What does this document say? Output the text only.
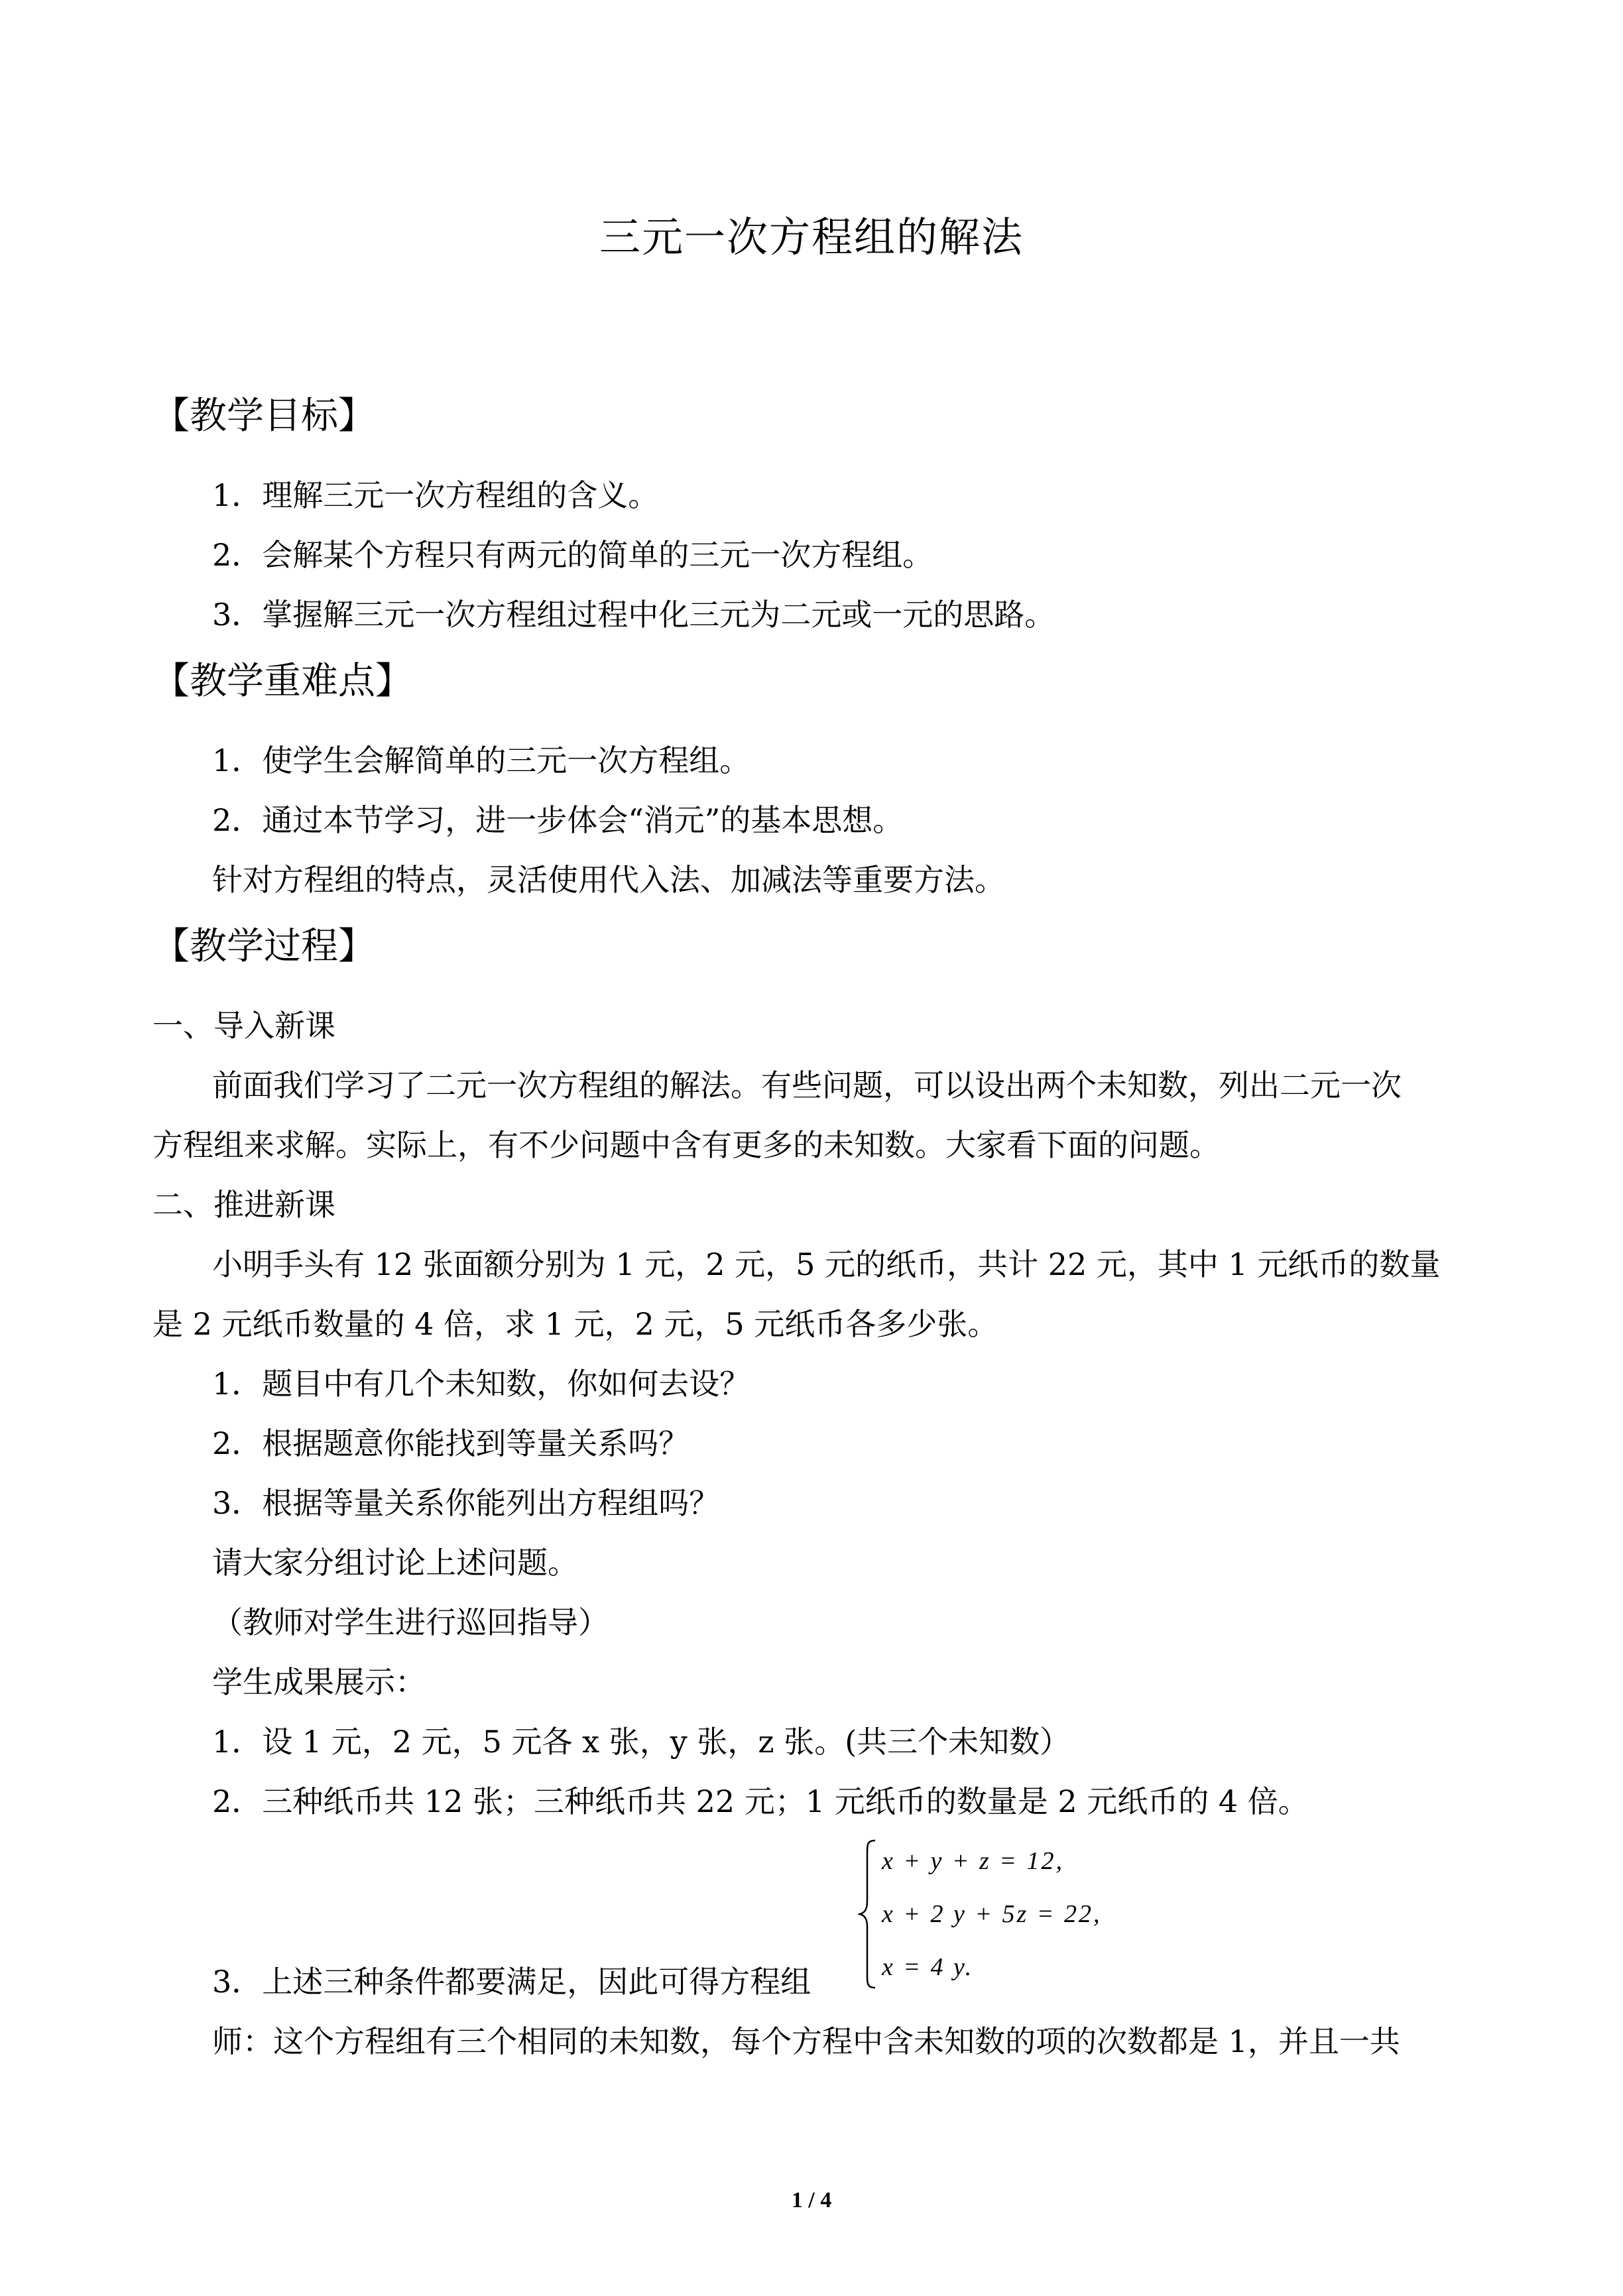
三元一次方程组的解法
【教学目标】
1．理解三元一次方程组的含义。
2．会解某个方程只有两元的简单的三元一次方程组。
3．掌握解三元一次方程组过程中化三元为二元或一元的思路。
【教学重难点】
1．使学生会解简单的三元一次方程组。
2．通过本节学习，进一步体会“消元”的基本思想。
针对方程组的特点，灵活使用代入法、加减法等重要方法。
【教学过程】
一、导入新课
前面我们学习了二元一次方程组的解法。有些问题，可以设出两个未知数，列出二元一次
方程组来求解。实际上，有不少问题中含有更多的未知数。大家看下面的问题。
二、推进新课
小明手头有 12 张面额分别为 1 元，2 元，5 元的纸币，共计 22 元，其中 1 元纸币的数量
是 2 元纸币数量的 4 倍，求 1 元，2 元，5 元纸币各多少张。
1．题目中有几个未知数，你如何去设？
2．根据题意你能找到等量关系吗？
3．根据等量关系你能列出方程组吗？
请大家分组讨论上述问题。
（教师对学生进行巡回指导）
学生成果展示：
1．设 1 元，2 元，5 元各 x 张，y 张，z 张。(共三个未知数）
2．三种纸币共 12 张；三种纸币共 22 元；1 元纸币的数量是 2 元纸币的 4 倍。
3．上述三种条件都要满足，因此可得方程组
x + y + z = 12,
x + 2 y + 5z = 22,
x = 4 y.
师：这个方程组有三个相同的未知数，每个方程中含未知数的项的次数都是 1，并且一共
1 / 4
